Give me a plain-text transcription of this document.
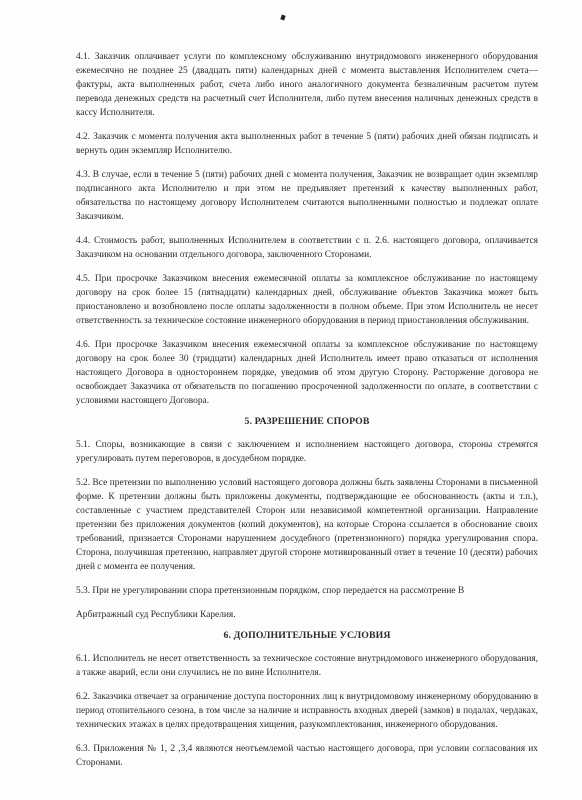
4.1. Заказчик оплачивает услуги по комплексному обслуживанию внутридомового инженерного оборудования ежемесячно не позднее 25 (двадцать пяти) календарных дней с момента выставления Исполнителем счета—фактуры, акта выполненных работ, счета либо иного аналогичного документа безналичным расчетом путем перевода денежных средств на расчетный счет Исполнителя, либо путем внесения наличных денежных средств в кассу Исполнителя.

4.2. Заказчик с момента получения акта выполненных работ в течение 5 (пяти) рабочих дней обязан подписать и вернуть один экземпляр Исполнителю.

4.3. В случае, если в течение 5 (пяти) рабочих дней с момента получения, Заказчик не возвращает один экземпляр подписанного акта Исполнителю и при этом не предъявляет претензий к качеству выполненных работ, обязательства по настоящему договору Исполнителем считаются выполненными полностью и подлежат оплате Заказчиком.

4.4. Стоимость работ, выполненных Исполнителем в соответствии с п. 2.6. настоящего договора, оплачивается Заказчиком на основании отдельного договора, заключенного Сторонами.

4.5. При просрочке Заказчиком внесения ежемесячной оплаты за комплексное обслуживание по настоящему договору на срок более 15 (пятнадцати) календарных дней, обслуживание объектов Заказчика может быть приостановлено и возобновлено после оплаты задолженности в полном объеме. При этом Исполнитель не несет ответственность за техническое состояние инженерного оборудования в период приостановления обслуживания.

4.6. При просрочке Заказчиком внесения ежемесячной оплаты за комплексное обслуживание по настоящему договору на срок более 30 (тридцати) календарных дней Исполнитель имеет право отказаться от исполнения настоящего Договора в одностороннем порядке, уведомив об этом другую Сторону. Расторжение договора не освобождает Заказчика от обязательств по погашению просроченной задолженности по оплате, в соответствии с условиями настоящего Договора.

5. РАЗРЕШЕНИЕ СПОРОВ

5.1. Споры, возникающие в связи с заключением и исполнением настоящего договора, стороны стремятся урегулировать путем переговоров, в досудебном порядке.

5.2. Все претензии по выполнению условий настоящего договора должны быть заявлены Сторонами в письменной форме. К претензии должны быть приложены документы, подтверждающие ее обоснованность (акты и т.п.), составленные с участием представителей Сторон или независимой компетентной организации. Направление претензии без приложения документов (копий документов), на которые Сторона ссылается в обоснование своих требований, признается Сторонами нарушением досудебного (претензионного) порядка урегулирования спора. Сторона, получившая претензию, направляет другой стороне мотивированный ответ в течение 10 (десяти) рабочих дней с момента ее получения.

5.3. При не урегулировании спора претензионным порядком, спор передается на рассмотрение В

Арбитражный суд Республики Карелия.

6. ДОПОЛНИТЕЛЬНЫЕ УСЛОВИЯ

6.1. Исполнитель не несет ответственность за техническое состояние внутридомового инженерного оборудования, а также аварий, если они случились не по вине Исполнителя.

6.2. Заказчика отвечает за ограничение доступа посторонних лиц к внутридомовому инженерному оборудованию в период отопительного сезона, в том числе за наличие и исправность входных дверей (замков) в подалах, чердаках, технических этажах в целях предотвращения хищения, разукомплектования, инженерного оборудования.

6.3. Приложения № 1, 2 ,3,4 являются неотъемлемой частью настоящего договора, при условии согласования их Сторонами.
